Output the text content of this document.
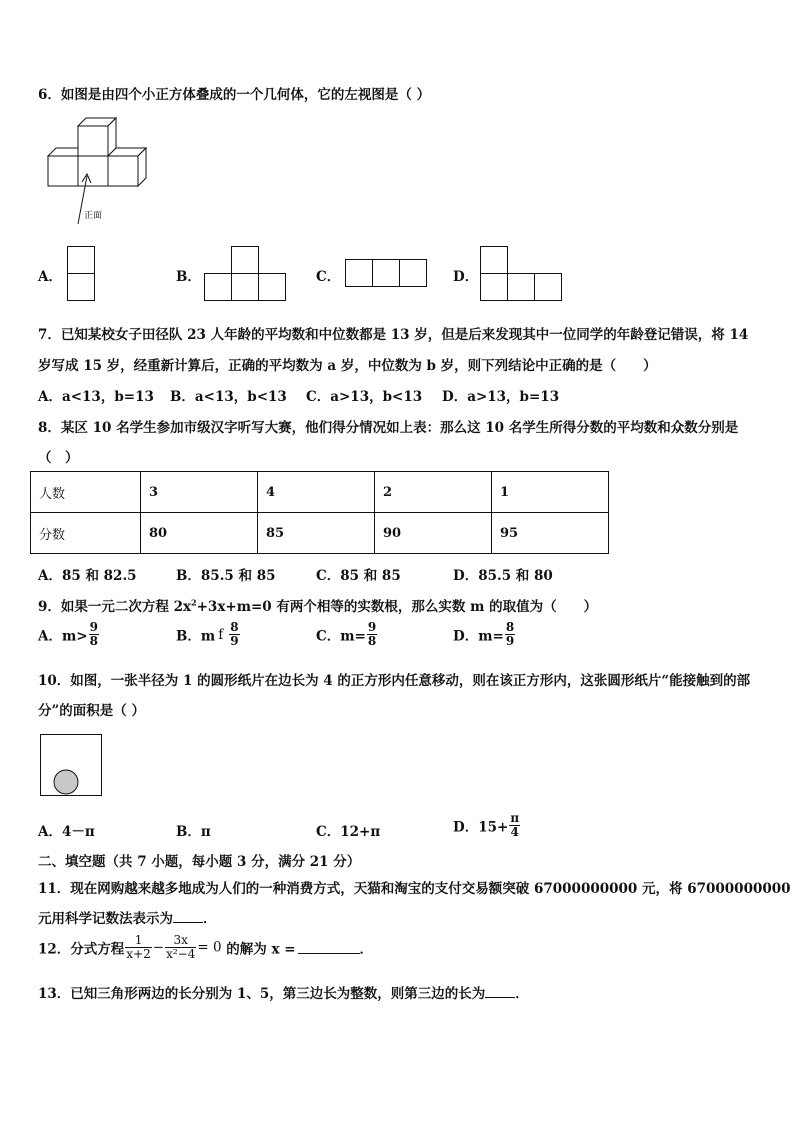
6．如图是由四个小正方体叠成的一个几何体，它的左视图是（ ）
正面
A．	B．	C．	D．
7．已知某校女子田径队 23 人年龄的平均数和中位数都是 13 岁，但是后来发现其中一位同学的年龄登记错误，将 14
岁写成 15 岁，经重新计算后，正确的平均数为 a 岁，中位数为 b 岁，则下列结论中正确的是（　　）
A．a<13，b=13 B．a<13，b<13 C．a>13，b<13 D．a>13，b=13
8．某区 10 名学生参加市级汉字听写大赛，他们得分情况如上表：那么这 10 名学生所得分数的平均数和众数分别是
（　）
人数	3	4	2	1
分数	80	85	90	95
A．85 和 82.5	B．85.5 和 85	C．85 和 85	D．85.5 和 80
9．如果一元二次方程 $2x^2+3x+m=0$ 有两个相等的实数根，那么实数 m 的取值为（　　）
A．$m> \frac{9}{8}$	B．m f $\frac{8}{9}$	C．$m= \frac{9}{8}$	D．$m= \frac{8}{9}$
10．如图，一张半径为 1 的圆形纸片在边长为 4 的正方形内任意移动，则在该正方形内，这张圆形纸片“能接触到的部
分”的面积是（ ）
A．4－π	B．π	C．12+π	D．$15+ \frac{\pi}{4}$
二、填空题（共 7 小题，每小题 3 分，满分 21 分）
11．现在网购越来越多地成为人们的一种消费方式，天猫和淘宝的支付交易额突破 67000000000 元，将 67000000000
元用科学记数法表示为 ．
12．分式方程 $\frac{1}{x+2} - \frac{3x}{\text{x²−4}} = 0$ 的解为 x =	．
13．已知三角形两边的长分别为 1、5，第三边长为整数，则第三边的长为 ．
